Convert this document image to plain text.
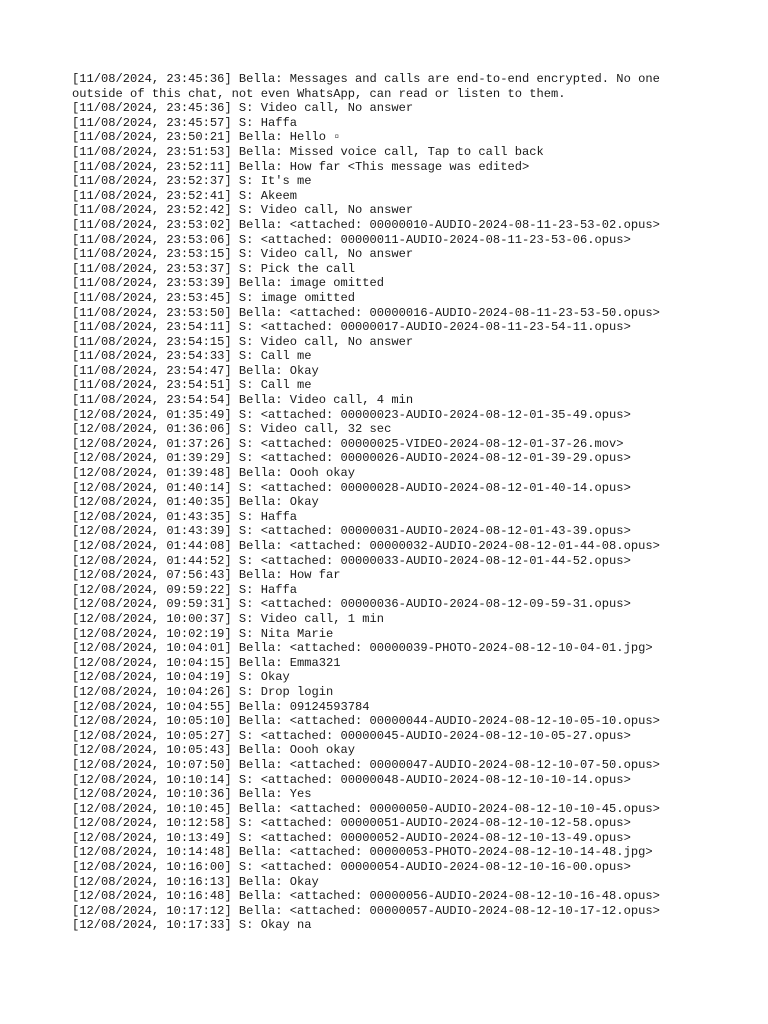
[11/08/2024, 23:45:36] Bella: Messages and calls are end-to-end encrypted. No one
outside of this chat, not even WhatsApp, can read or listen to them.
[11/08/2024, 23:45:36] S: Video call, No answer
[11/08/2024, 23:45:57] S: Haffa
[11/08/2024, 23:50:21] Bella: Hello ▫
[11/08/2024, 23:51:53] Bella: Missed voice call, Tap to call back
[11/08/2024, 23:52:11] Bella: How far <This message was edited>
[11/08/2024, 23:52:37] S: It's me
[11/08/2024, 23:52:41] S: Akeem
[11/08/2024, 23:52:42] S: Video call, No answer
[11/08/2024, 23:53:02] Bella: <attached: 00000010-AUDIO-2024-08-11-23-53-02.opus>
[11/08/2024, 23:53:06] S: <attached: 00000011-AUDIO-2024-08-11-23-53-06.opus>
[11/08/2024, 23:53:15] S: Video call, No answer
[11/08/2024, 23:53:37] S: Pick the call
[11/08/2024, 23:53:39] Bella: image omitted
[11/08/2024, 23:53:45] S: image omitted
[11/08/2024, 23:53:50] Bella: <attached: 00000016-AUDIO-2024-08-11-23-53-50.opus>
[11/08/2024, 23:54:11] S: <attached: 00000017-AUDIO-2024-08-11-23-54-11.opus>
[11/08/2024, 23:54:15] S: Video call, No answer
[11/08/2024, 23:54:33] S: Call me
[11/08/2024, 23:54:47] Bella: Okay
[11/08/2024, 23:54:51] S: Call me
[11/08/2024, 23:54:54] Bella: Video call, 4 min
[12/08/2024, 01:35:49] S: <attached: 00000023-AUDIO-2024-08-12-01-35-49.opus>
[12/08/2024, 01:36:06] S: Video call, 32 sec
[12/08/2024, 01:37:26] S: <attached: 00000025-VIDEO-2024-08-12-01-37-26.mov>
[12/08/2024, 01:39:29] S: <attached: 00000026-AUDIO-2024-08-12-01-39-29.opus>
[12/08/2024, 01:39:48] Bella: Oooh okay
[12/08/2024, 01:40:14] S: <attached: 00000028-AUDIO-2024-08-12-01-40-14.opus>
[12/08/2024, 01:40:35] Bella: Okay
[12/08/2024, 01:43:35] S: Haffa
[12/08/2024, 01:43:39] S: <attached: 00000031-AUDIO-2024-08-12-01-43-39.opus>
[12/08/2024, 01:44:08] Bella: <attached: 00000032-AUDIO-2024-08-12-01-44-08.opus>
[12/08/2024, 01:44:52] S: <attached: 00000033-AUDIO-2024-08-12-01-44-52.opus>
[12/08/2024, 07:56:43] Bella: How far
[12/08/2024, 09:59:22] S: Haffa
[12/08/2024, 09:59:31] S: <attached: 00000036-AUDIO-2024-08-12-09-59-31.opus>
[12/08/2024, 10:00:37] S: Video call, 1 min
[12/08/2024, 10:02:19] S: Nita Marie
[12/08/2024, 10:04:01] Bella: <attached: 00000039-PHOTO-2024-08-12-10-04-01.jpg>
[12/08/2024, 10:04:15] Bella: Emma321
[12/08/2024, 10:04:19] S: Okay
[12/08/2024, 10:04:26] S: Drop login
[12/08/2024, 10:04:55] Bella: 09124593784
[12/08/2024, 10:05:10] Bella: <attached: 00000044-AUDIO-2024-08-12-10-05-10.opus>
[12/08/2024, 10:05:27] S: <attached: 00000045-AUDIO-2024-08-12-10-05-27.opus>
[12/08/2024, 10:05:43] Bella: Oooh okay
[12/08/2024, 10:07:50] Bella: <attached: 00000047-AUDIO-2024-08-12-10-07-50.opus>
[12/08/2024, 10:10:14] S: <attached: 00000048-AUDIO-2024-08-12-10-10-14.opus>
[12/08/2024, 10:10:36] Bella: Yes
[12/08/2024, 10:10:45] Bella: <attached: 00000050-AUDIO-2024-08-12-10-10-45.opus>
[12/08/2024, 10:12:58] S: <attached: 00000051-AUDIO-2024-08-12-10-12-58.opus>
[12/08/2024, 10:13:49] S: <attached: 00000052-AUDIO-2024-08-12-10-13-49.opus>
[12/08/2024, 10:14:48] Bella: <attached: 00000053-PHOTO-2024-08-12-10-14-48.jpg>
[12/08/2024, 10:16:00] S: <attached: 00000054-AUDIO-2024-08-12-10-16-00.opus>
[12/08/2024, 10:16:13] Bella: Okay
[12/08/2024, 10:16:48] Bella: <attached: 00000056-AUDIO-2024-08-12-10-16-48.opus>
[12/08/2024, 10:17:12] Bella: <attached: 00000057-AUDIO-2024-08-12-10-17-12.opus>
[12/08/2024, 10:17:33] S: Okay na
